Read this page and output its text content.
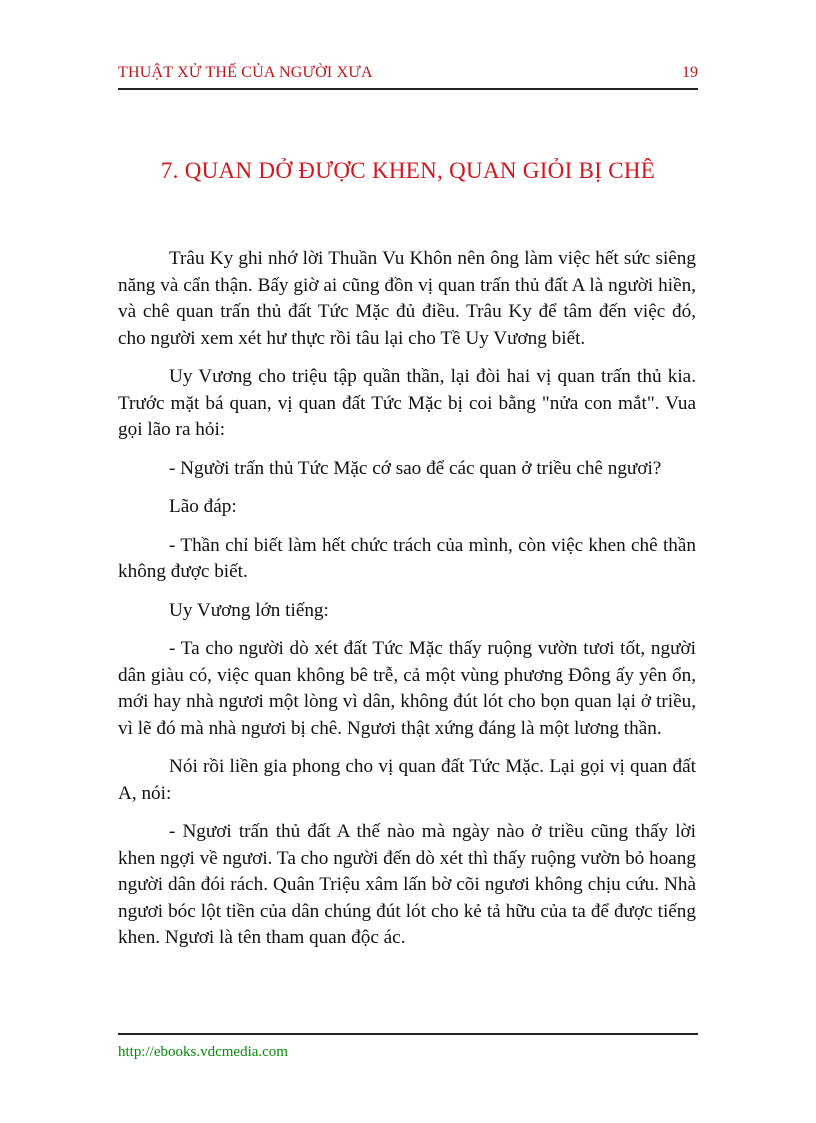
THUẬT XỬ THẾ CỦA NGƯỜI XƯA	19
7. QUAN DỞ ĐƯỢC KHEN, QUAN GIỎI BỊ CHÊ

Trâu Ky ghi nhớ lời Thuần Vu Khôn nên ông làm việc hết sức siêng năng và cẩn thận. Bấy giờ ai cũng đồn vị quan trấn thủ đất A là người hiền, và chê quan trấn thủ đất Tức Mặc đủ điều. Trâu Ky để tâm đến việc đó, cho người xem xét hư thực rồi tâu lại cho Tề Uy Vương biết.

Uy Vương cho triệu tập quần thần, lại đòi hai vị quan trấn thủ kia. Trước mặt bá quan, vị quan đất Tức Mặc bị coi bằng "nửa con mắt". Vua gọi lão ra hỏi:

- Người trấn thủ Tức Mặc cớ sao để các quan ở triều chê ngươi?

Lão đáp:

- Thần chỉ biết làm hết chức trách của mình, còn việc khen chê thần không được biết.

Uy Vương lớn tiếng:

- Ta cho người dò xét đất Tức Mặc thấy ruộng vườn tươi tốt, người dân giàu có, việc quan không bê trễ, cả một vùng phương Đông ấy yên ổn, mới hay nhà ngươi một lòng vì dân, không đút lót cho bọn quan lại ở triều, vì lẽ đó mà nhà ngươi bị chê. Ngươi thật xứng đáng là một lương thần.

Nói rồi liền gia phong cho vị quan đất Tức Mặc. Lại gọi vị quan đất A, nói:

- Ngươi trấn thủ đất A thế nào mà ngày nào ở triều cũng thấy lời khen ngợi về ngươi. Ta cho người đến dò xét thì thấy ruộng vườn bỏ hoang người dân đói rách. Quân Triệu xâm lấn bờ cõi ngươi không chịu cứu. Nhà ngươi bóc lột tiền của dân chúng đút lót cho kẻ tả hữu của ta để được tiếng khen. Ngươi là tên tham quan độc ác.

http://ebooks.vdcmedia.com
